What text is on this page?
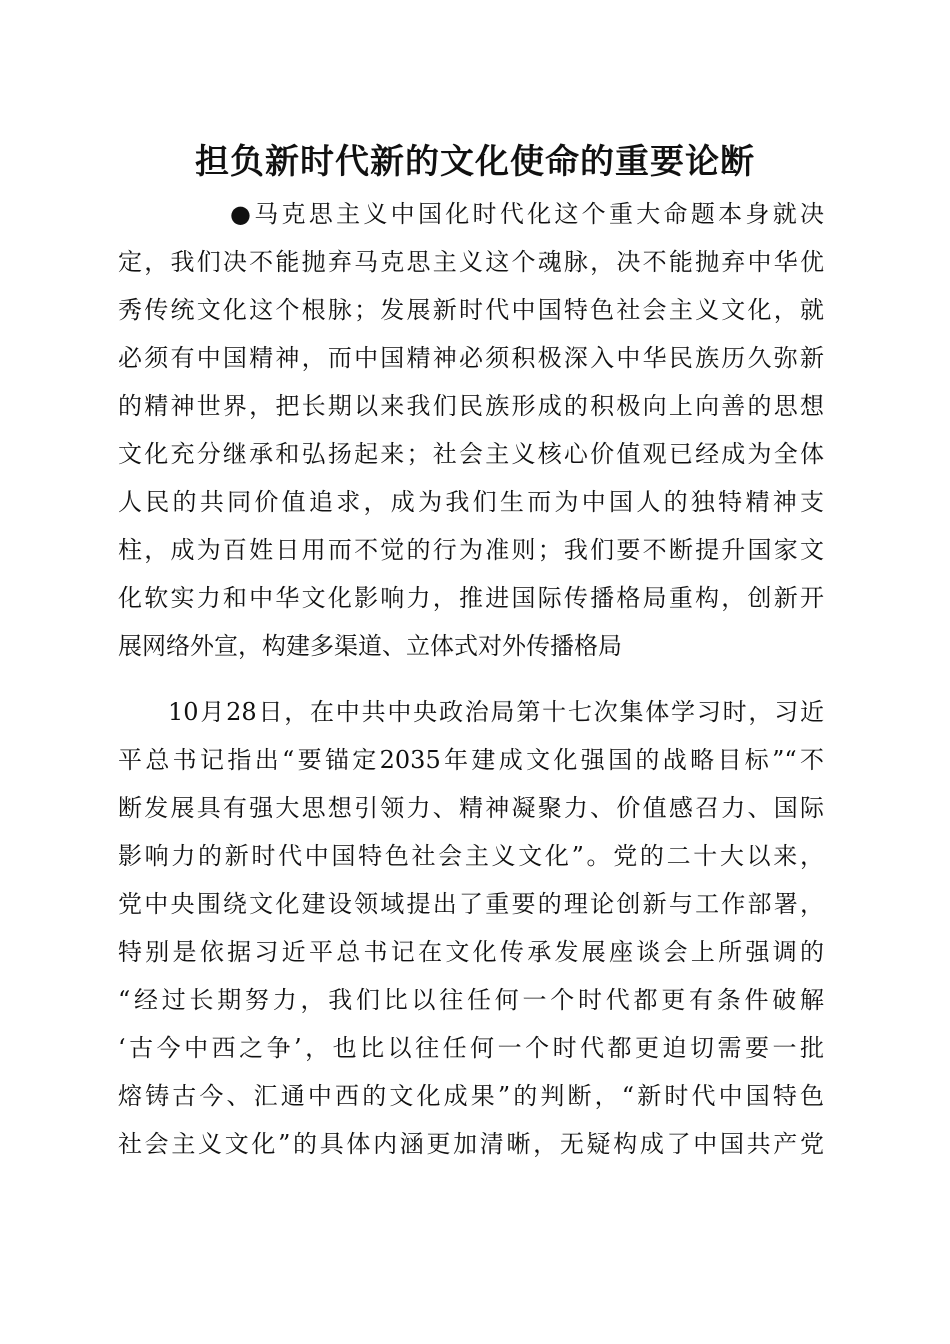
担负新时代新的文化使命的重要论断
●马克思主义中国化时代化这个重大命题本身就决
定，我们决不能抛弃马克思主义这个魂脉，决不能抛弃中华优
秀传统文化这个根脉；发展新时代中国特色社会主义文化，就
必须有中国精神，而中国精神必须积极深入中华民族历久弥新
的精神世界，把长期以来我们民族形成的积极向上向善的思想
文化充分继承和弘扬起来；社会主义核心价值观已经成为全体
人民的共同价值追求，成为我们生而为中国人的独特精神支
柱，成为百姓日用而不觉的行为准则；我们要不断提升国家文
化软实力和中华文化影响力，推进国际传播格局重构，创新开
展网络外宣，构建多渠道、立体式对外传播格局
10月28日，在中共中央政治局第十七次集体学习时，习近
平总书记指出“要锚定2035年建成文化强国的战略目标”“不
断发展具有强大思想引领力、精神凝聚力、价值感召力、国际
影响力的新时代中国特色社会主义文化”。党的二十大以来，
党中央围绕文化建设领域提出了重要的理论创新与工作部署，
特别是依据习近平总书记在文化传承发展座谈会上所强调的
“经过长期努力，我们比以往任何一个时代都更有条件破解
‘古今中西之争’，也比以往任何一个时代都更迫切需要一批
熔铸古今、汇通中西的文化成果”的判断，“新时代中国特色
社会主义文化”的具体内涵更加清晰，无疑构成了中国共产党
